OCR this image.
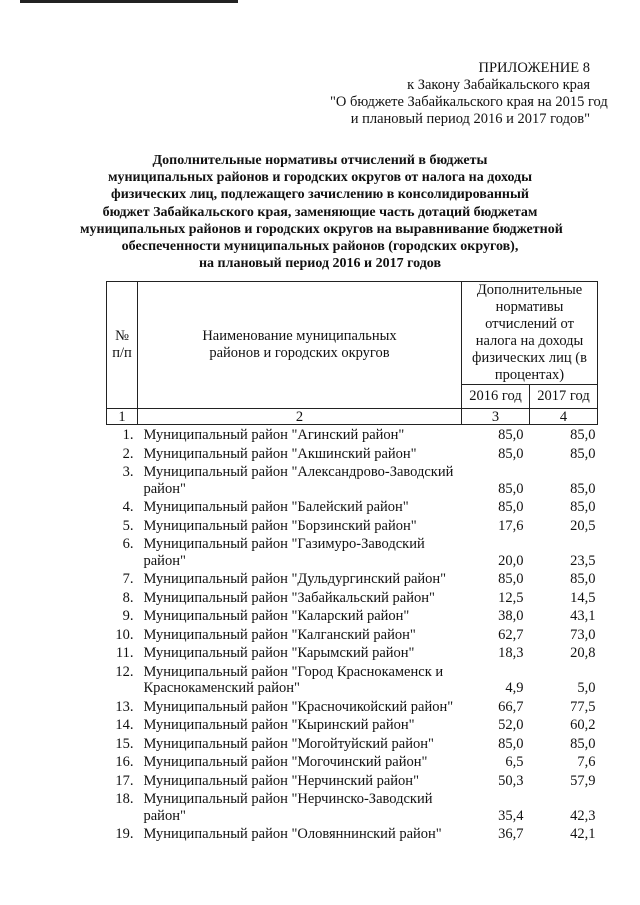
ПРИЛОЖЕНИЕ 8
к Закону Забайкальского края
"О бюджете Забайкальского края на 2015 год
и плановый период 2016 и 2017 годов"
Дополнительные нормативы отчислений в бюджеты
муниципальных районов и городских округов от налога на доходы
физических лиц, подлежащего зачислению в консолидированный
бюджет Забайкальского края, заменяющие часть дотаций бюджетам
муниципальных районов и городских округов на выравнивание бюджетной
обеспеченности муниципальных районов (городских округов),
на плановый период 2016 и 2017 годов
№ п/п	Наименование муниципальных районов и городских округов	Дополнительные нормативы отчислений от налога на доходы физических лиц (в процентах)	
		2016 год	2017 год
1	2	3	4
1.	Муниципальный район "Агинский район"	85,0	85,0
2.	Муниципальный район "Акшинский район"	85,0	85,0
3.	Муниципальный район "Александрово-Заводский район"	85,0	85,0
4.	Муниципальный район "Балейский район"	85,0	85,0
5.	Муниципальный район "Борзинский район"	17,6	20,5
6.	Муниципальный район "Газимуро-Заводский район"	20,0	23,5
7.	Муниципальный район "Дульдургинский район"	85,0	85,0
8.	Муниципальный район "Забайкальский район"	12,5	14,5
9.	Муниципальный район "Каларский район"	38,0	43,1
10.	Муниципальный район "Калганский район"	62,7	73,0
11.	Муниципальный район "Карымский район"	18,3	20,8
12.	Муниципальный район "Город Краснокаменск и Краснокаменский район"	4,9	5,0
13.	Муниципальный район "Красночикойский район"	66,7	77,5
14.	Муниципальный район "Кыринский район"	52,0	60,2
15.	Муниципальный район "Могойтуйский район"	85,0	85,0
16.	Муниципальный район "Могочинский район"	6,5	7,6
17.	Муниципальный район "Нерчинский район"	50,3	57,9
18.	Муниципальный район "Нерчинско-Заводский район"	35,4	42,3
19.	Муниципальный район "Оловяннинский район"	36,7	42,1
